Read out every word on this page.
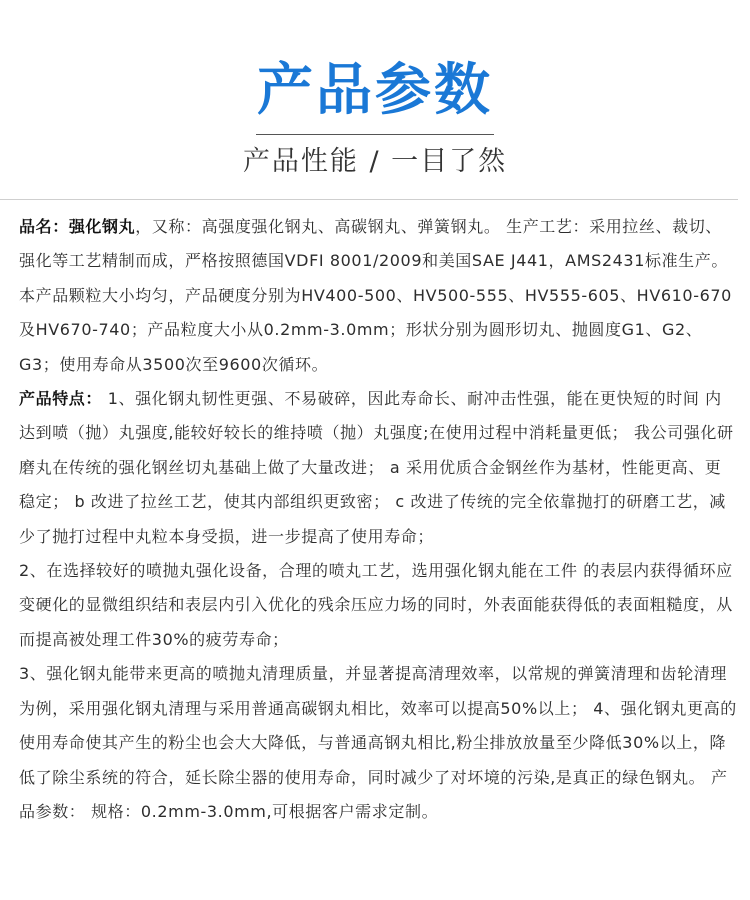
产品参数
产品性能 / 一目了然

品名：强化钢丸，又称：高强度强化钢丸、高碳钢丸、弹簧钢丸。 生产工艺：采用拉丝、裁切、强化等工艺精制而成，严格按照德国VDFI 8001/2009和美国SAE J441，AMS2431标准生产。本产品颗粒大小均匀，产品硬度分别为HV400-500、HV500-555、HV555-605、HV610-670及HV670-740；产品粒度大小从0.2mm-3.0mm；形状分别为圆形切丸、抛圆度G1、G2、G3；使用寿命从3500次至9600次循环。

产品特点： 1、强化钢丸韧性更强、不易破碎，因此寿命长、耐冲击性强，能在更快短的时间 内达到喷（抛）丸强度,能较好较长的维持喷（抛）丸强度;在使用过程中消耗量更低； 我公司强化研磨丸在传统的强化钢丝切丸基础上做了大量改进； a 采用优质合金钢丝作为基材，性能更高、更稳定； b 改进了拉丝工艺，使其内部组织更致密； c 改进了传统的完全依靠抛打的研磨工艺，减少了抛打过程中丸粒本身受损，进一步提高了使用寿命；

2、在选择较好的喷抛丸强化设备，合理的喷丸工艺，选用强化钢丸能在工件 的表层内获得循环应变硬化的显微组织结和表层内引入优化的残余压应力场的同时，外表面能获得低的表面粗糙度，从而提高被处理工件30%的疲劳寿命；

3、强化钢丸能带来更高的喷抛丸清理质量，并显著提高清理效率，以常规的弹簧清理和齿轮清理为例，采用强化钢丸清理与采用普通高碳钢丸相比，效率可以提高50%以上； 4、强化钢丸更高的使用寿命使其产生的粉尘也会大大降低，与普通高钢丸相比,粉尘排放放量至少降低30%以上，降低了除尘系统的符合，延长除尘器的使用寿命，同时减少了对坏境的污染,是真正的绿色钢丸。 产品参数： 规格：0.2mm-3.0mm,可根据客户需求定制。
